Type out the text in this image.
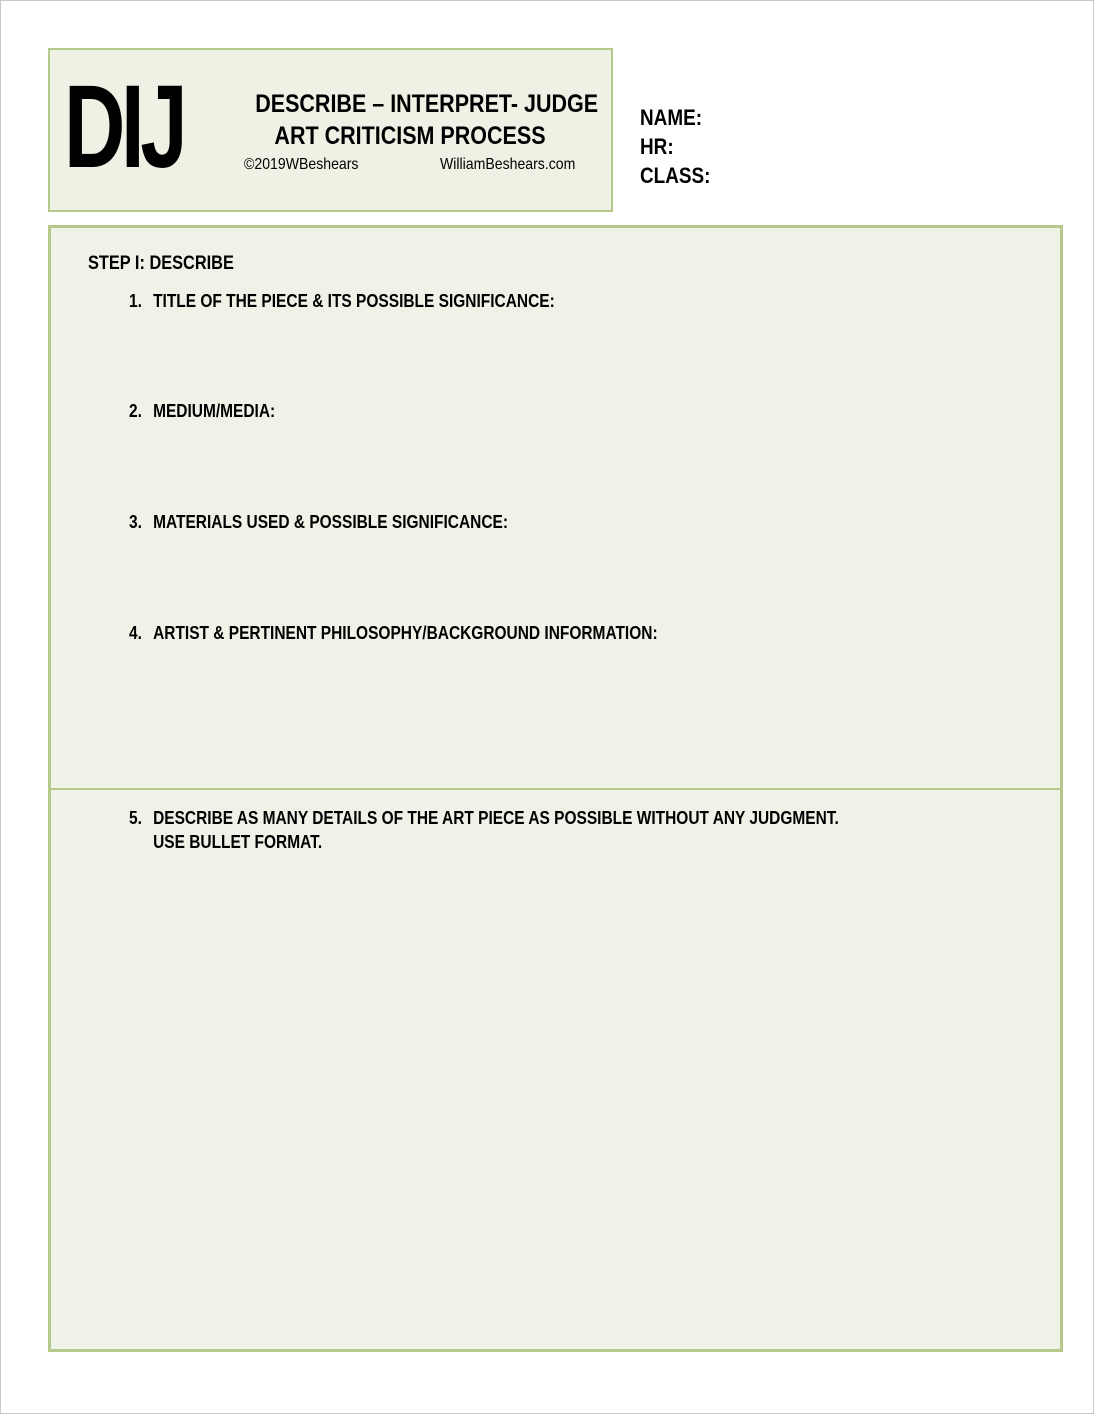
DIJ	DESCRIBE – INTERPRET- JUDGE
ART CRITICISM PROCESS
©2019WBeshears	WilliamBeshears.com
NAME:
HR:
CLASS:
STEP I: DESCRIBE
1. TITLE OF THE PIECE & ITS POSSIBLE SIGNIFICANCE:
2. MEDIUM/MEDIA:
3. MATERIALS USED & POSSIBLE SIGNIFICANCE:
4. ARTIST & PERTINENT PHILOSOPHY/BACKGROUND INFORMATION:
5. DESCRIBE AS MANY DETAILS OF THE ART PIECE AS POSSIBLE WITHOUT ANY JUDGMENT.
USE BULLET FORMAT.
